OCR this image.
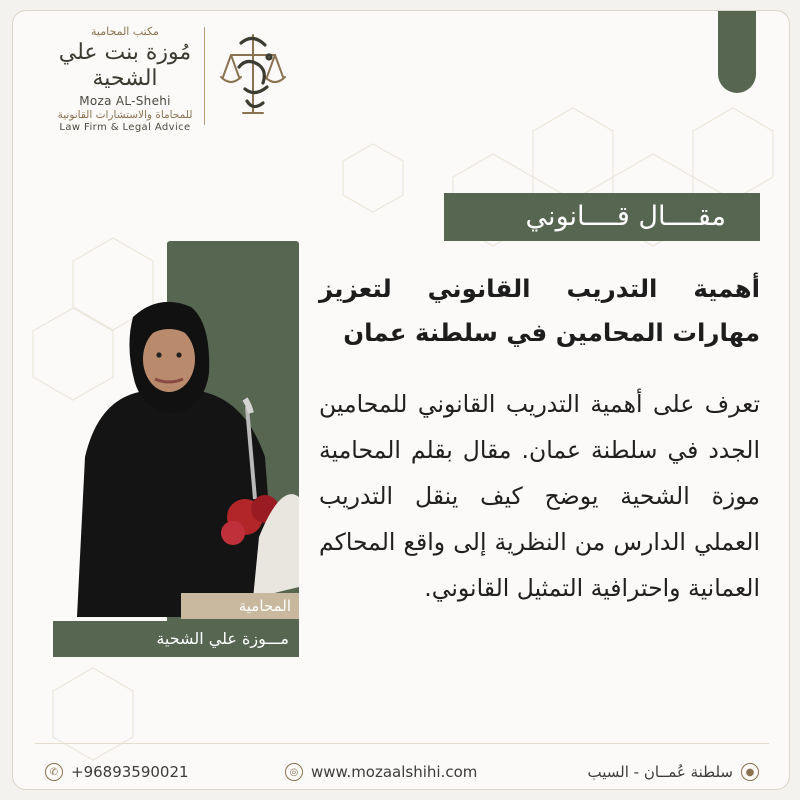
مكتب المحامية
مُوزة بنت علي الشحية
Moza AL-Shehi
للمحاماة والاستشارات القانونية
Law Firm & Legal Advice
مقــــال قــــانوني
أهمية التدريب القانوني لتعزيز مهارات المحامين في سلطنة عمان
تعرف على أهمية التدريب القانوني للمحامين الجدد في سلطنة عمان. مقال بقلم المحامية موزة الشحية يوضح كيف ينقل التدريب العملي الدارس من النظرية إلى واقع المحاكم العمانية واحترافية التمثيل القانوني.
المحامية
مـــوزة علي الشحية
✆ +96893590021	◎ www.mozaalshihi.com	●
سلطنة عُمــان - السيب
